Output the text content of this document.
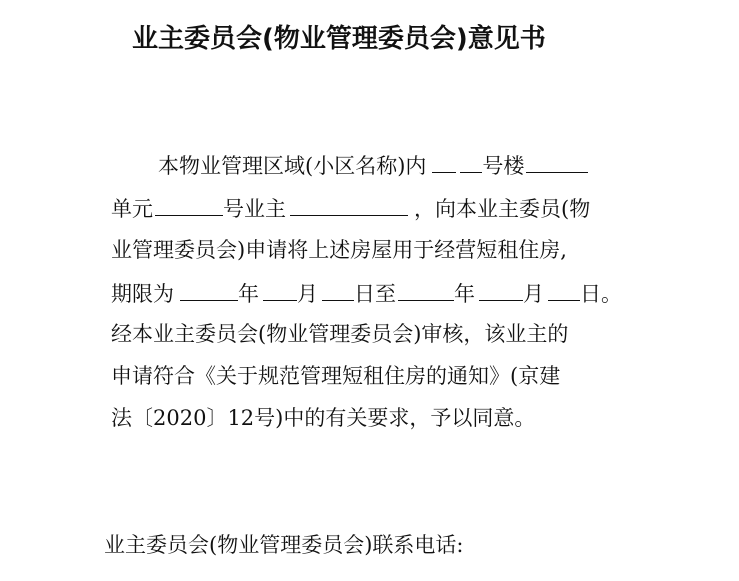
业主委员会(物业管理委员会)意见书
本物业管理区域(小区名称)内	号楼
单元	号业主	，向本业主委员(物
业管理委员会)申请将上述房屋用于经营短租住房,
期限为	年 月 日至	年 月 日。
经本业主委员会(物业管理委员会)审核，该业主的
申请符合《关于规范管理短租住房的通知》(京建
法〔2020〕12号)中的有关要求，予以同意。
业主委员会(物业管理委员会)联系电话:
